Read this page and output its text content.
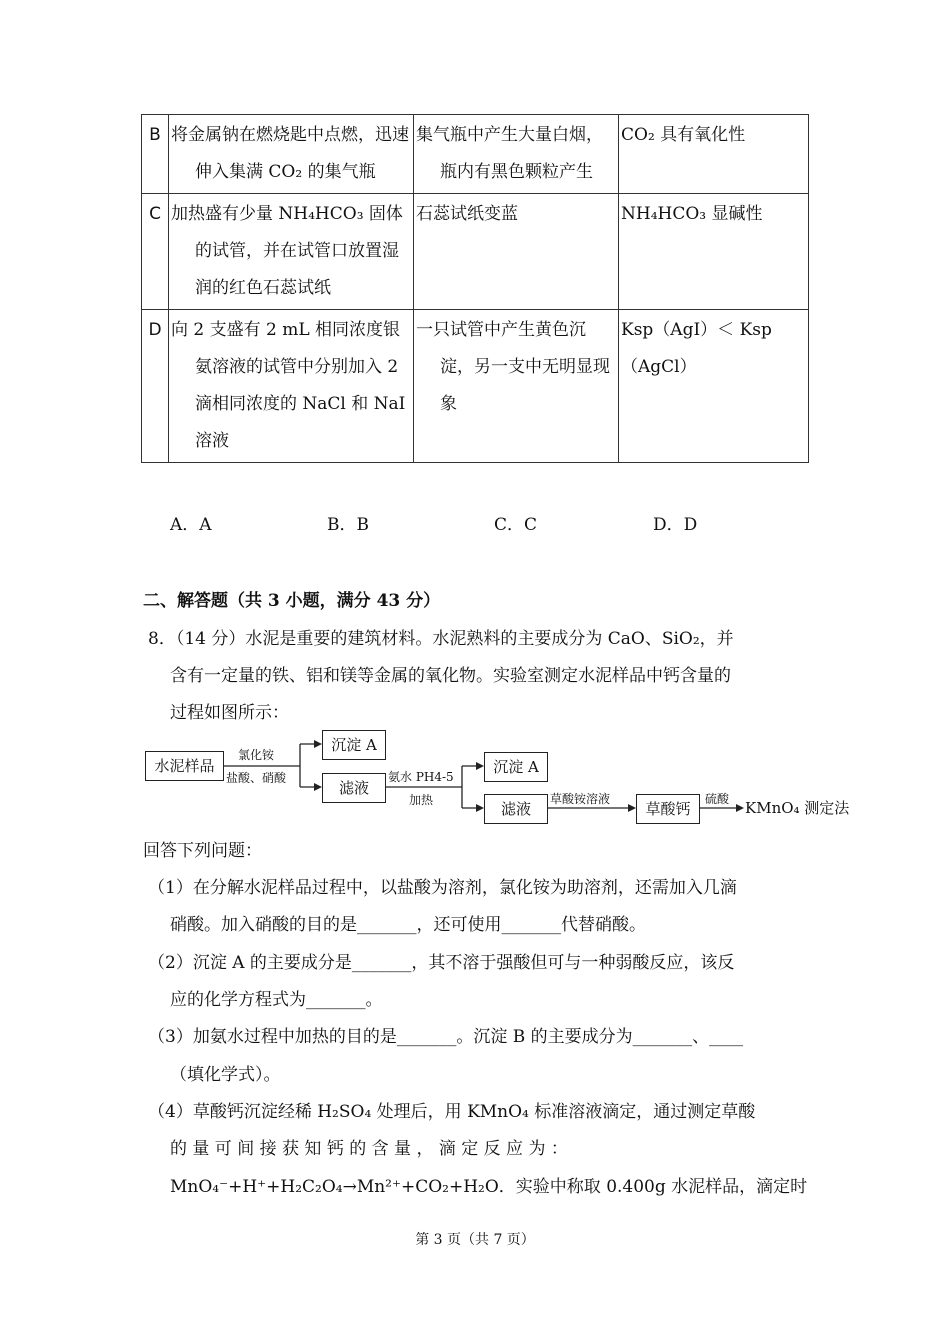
B	将金属钠在燃烧匙中点燃，迅速伸入集满 CO₂ 的集气瓶	集气瓶中产生大量白烟，瓶内有黑色颗粒产生	CO₂ 具有氧化性

C	加热盛有少量 NH₄HCO₃ 固体的试管，并在试管口放置湿润的红色石蕊试纸	石蕊试纸变蓝	NH₄HCO₃ 显碱性

D	向 2 支盛有 2 mL 相同浓度银氨溶液的试管中分别加入 2 滴相同浓度的 NaCl 和 NaI 溶液	一只试管中产生黄色沉淀，另一支中无明显现象	Ksp（AgI）＜ Ksp（AgCl）
A．A	B．B	C．C	D．D
二、解答题（共 3 小题，满分 43 分）
8．（14 分）水泥是重要的建筑材料。水泥熟料的主要成分为 CaO、SiO₂，并
含有一定量的铁、铝和镁等金属的氧化物。实验室测定水泥样品中钙含量的
过程如图所示：
水泥样品
氯化铵
盐酸、硝酸
沉淀 A
滤液
氨水 PH4-5
加热
沉淀 A
滤液
草酸铵溶液
草酸钙
硫酸 KMnO₄ 测定法
回答下列问题：
（1）在分解水泥样品过程中，以盐酸为溶剂，氯化铵为助溶剂，还需加入几滴
硝酸。加入硝酸的目的是_______，还可使用_______代替硝酸。
（2）沉淀 A 的主要成分是_______，其不溶于强酸但可与一种弱酸反应，该反
应的化学方程式为_______。
（3）加氨水过程中加热的目的是_______。沉淀 B 的主要成分为_______、____
（填化学式）。
（4）草酸钙沉淀经稀 H₂SO₄ 处理后，用 KMnO₄ 标准溶液滴定，通过测定草酸
的 量 可 间 接 获 知 钙 的 含 量 ， 滴 定 反 应 为 ：
MnO₄⁻+H⁺+H₂C₂O₄→Mn²⁺+CO₂+H₂O．实验中称取 0.400g 水泥样品，滴定时
第 3 页（共 7 页）
